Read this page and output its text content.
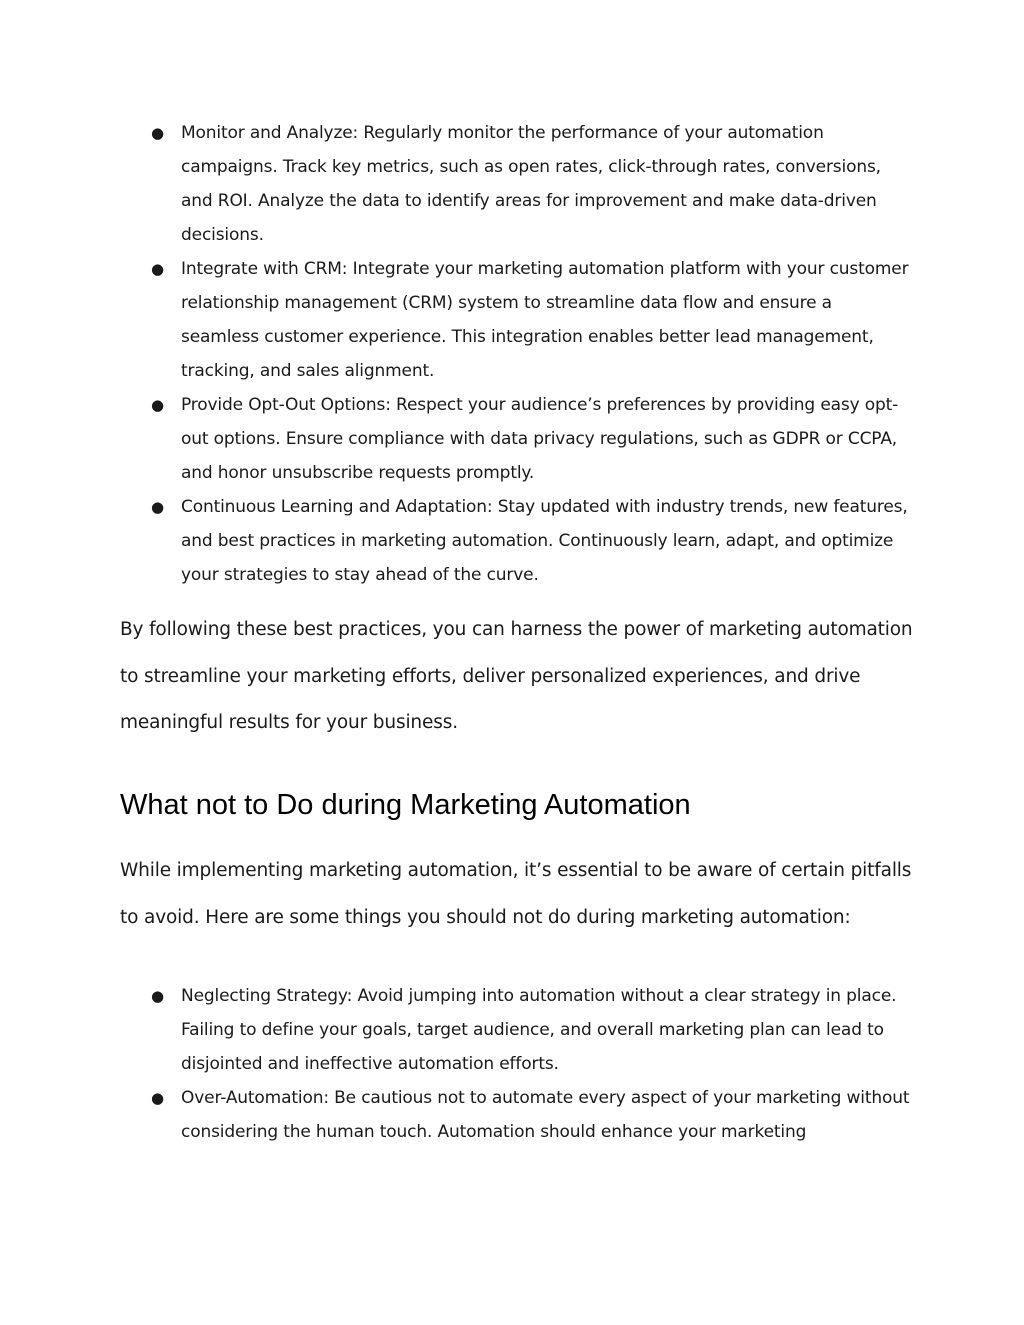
● Monitor and Analyze: Regularly monitor the performance of your automation campaigns. Track key metrics, such as open rates, click-through rates, conversions, and ROI. Analyze the data to identify areas for improvement and make data-driven decisions.
● Integrate with CRM: Integrate your marketing automation platform with your customer relationship management (CRM) system to streamline data flow and ensure a seamless customer experience. This integration enables better lead management, tracking, and sales alignment.
● Provide Opt-Out Options: Respect your audience’s preferences by providing easy opt-out options. Ensure compliance with data privacy regulations, such as GDPR or CCPA, and honor unsubscribe requests promptly.
● Continuous Learning and Adaptation: Stay updated with industry trends, new features, and best practices in marketing automation. Continuously learn, adapt, and optimize your strategies to stay ahead of the curve.

By following these best practices, you can harness the power of marketing automation to streamline your marketing efforts, deliver personalized experiences, and drive meaningful results for your business.

What not to Do during Marketing Automation

While implementing marketing automation, it’s essential to be aware of certain pitfalls to avoid. Here are some things you should not do during marketing automation:

● Neglecting Strategy: Avoid jumping into automation without a clear strategy in place. Failing to define your goals, target audience, and overall marketing plan can lead to disjointed and ineffective automation efforts.
● Over-Automation: Be cautious not to automate every aspect of your marketing without considering the human touch. Automation should enhance your marketing
